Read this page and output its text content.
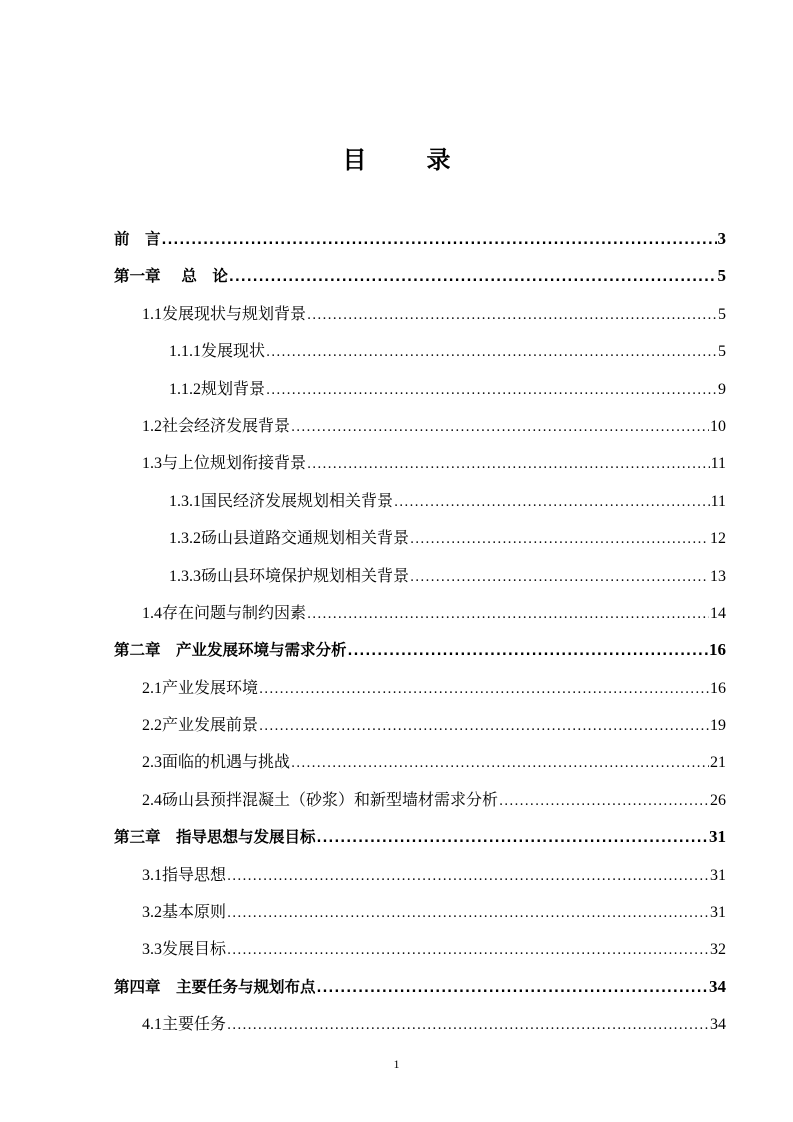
目　录
前　言 .....	3
第一章　 总　论 .....	5
1.1 发展现状与规划背景 .....	5
1.1.1 发展现状 .....	5
1.1.2 规划背景 .....	9
1.2 社会经济发展背景 .....	10
1.3 与上位规划衔接背景 .....	11
1.3.1 国民经济发展规划相关背景 .....	11
1.3.2 砀山县道路交通规划相关背景 .....	12
1.3.3 砀山县环境保护规划相关背景 .....	13
1.4 存在问题与制约因素 .....	14
第二章　产业发展环境与需求分析 .....	16
2.1 产业发展环境 .....	16
2.2 产业发展前景 .....	19
2.3 面临的机遇与挑战 .....	21
2.4 砀山县预拌混凝土（砂浆）和新型墙材需求分析 .....	26
第三章　指导思想与发展目标 .....	31
3.1 指导思想 .....	31
3.2 基本原则 .....	31
3.3 发展目标 .....	32
第四章　主要任务与规划布点 .....	34
4.1 主要任务 .....	34
1
